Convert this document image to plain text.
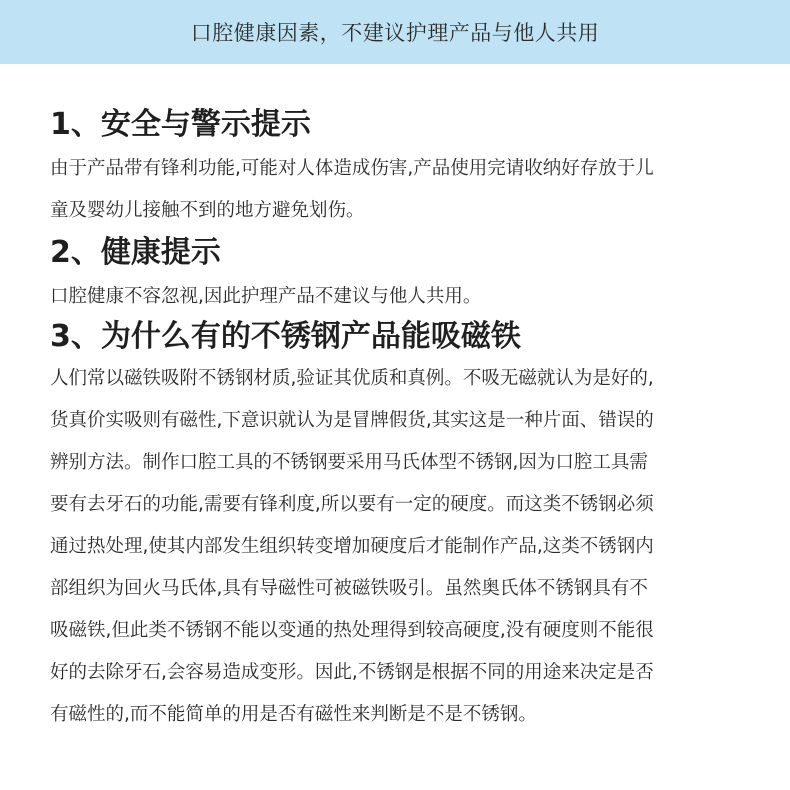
口腔健康因素，不建议护理产品与他人共用
1、安全与警示提示
由于产品带有锋利功能,可能对人体造成伤害,产品使用完请收纳好存放于儿
童及婴幼儿接触不到的地方避免划伤。
2、健康提示
口腔健康不容忽视,因此护理产品不建议与他人共用。
3、为什么有的不锈钢产品能吸磁铁
人们常以磁铁吸附不锈钢材质,验证其优质和真例。不吸无磁就认为是好的,
货真价实吸则有磁性,下意识就认为是冒牌假货,其实这是一种片面、错误的
辨别方法。制作口腔工具的不锈钢要采用马氏体型不锈钢,因为口腔工具需
要有去牙石的功能,需要有锋利度,所以要有一定的硬度。而这类不锈钢必须
通过热处理,使其内部发生组织转变增加硬度后才能制作产品,这类不锈钢内
部组织为回火马氏体,具有导磁性可被磁铁吸引。虽然奥氏体不锈钢具有不
吸磁铁,但此类不锈钢不能以变通的热处理得到较高硬度,没有硬度则不能很
好的去除牙石,会容易造成变形。因此,不锈钢是根据不同的用途来决定是否
有磁性的,而不能简单的用是否有磁性来判断是不是不锈钢。
